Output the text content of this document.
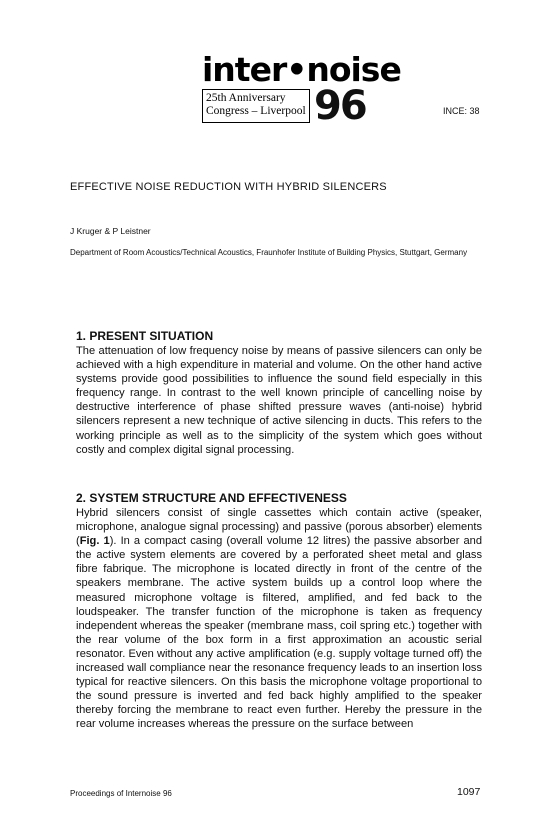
inter•noise
25th Anniversary
Congress – Liverpool 96	INCE: 38
EFFECTIVE NOISE REDUCTION WITH HYBRID SILENCERS
J Kruger & P Leistner
Department of Room Acoustics/Technical Acoustics, Fraunhofer Institute of Building Physics, Stuttgart, Germany
1. PRESENT SITUATION
The attenuation of low frequency noise by means of passive silencers can only be achieved with a high expenditure in material and volume. On the other hand active systems provide good possibilities to influence the sound field especially in this frequency range. In contrast to the well known principle of cancelling noise by destructive interference of phase shifted pressure waves (anti-noise) hybrid silencers represent a new technique of active silencing in ducts. This refers to the working principle as well as to the simplicity of the system which goes without costly and complex digital signal processing.
2. SYSTEM STRUCTURE AND EFFECTIVENESS
Hybrid silencers consist of single cassettes which contain active (speaker, microphone, analogue signal processing) and passive (porous absorber) elements (Fig. 1). In a compact casing (overall volume 12 litres) the passive absorber and the active system elements are covered by a perforated sheet metal and glass fibre fabrique. The microphone is located directly in front of the centre of the speakers membrane. The active system builds up a control loop where the measured microphone voltage is filtered, amplified, and fed back to the loudspeaker. The transfer function of the microphone is taken as frequency independent whereas the speaker (membrane mass, coil spring etc.) together with the rear volume of the box form in a first approximation an acoustic serial resonator. Even without any active amplification (e.g. supply voltage turned off) the increased wall compliance near the resonance frequency leads to an insertion loss typical for reactive silencers. On this basis the microphone voltage proportional to the sound pressure is inverted and fed back highly amplified to the speaker thereby forcing the membrane to react even further. Hereby the pressure in the rear volume increases whereas the pressure on the surface between
Proceedings of Internoise 96	1097
